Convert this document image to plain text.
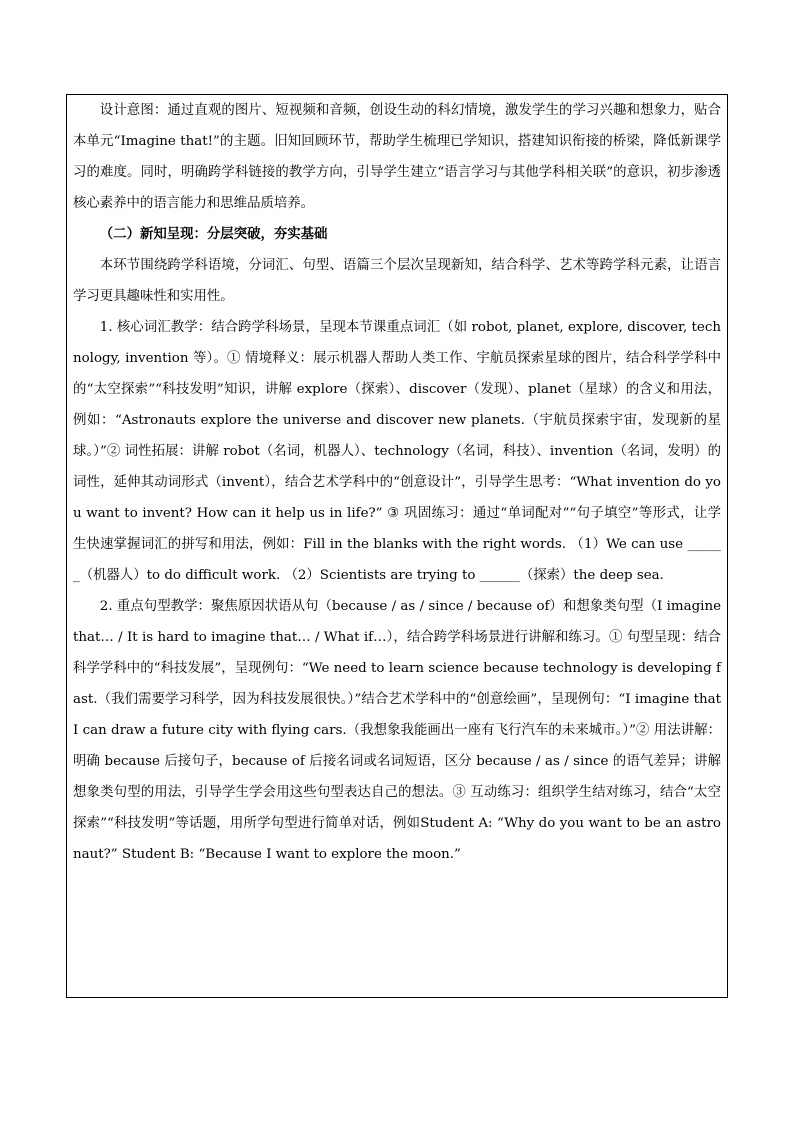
设计意图：通过直观的图片、短视频和音频，创设生动的科幻情境，激发学生的学习兴趣和想象力，贴合本单元“Imagine that!”的主题。旧知回顾环节，帮助学生梳理已学知识，搭建知识衔接的桥梁，降低新课学习的难度。同时，明确跨学科链接的教学方向，引导学生建立“语言学习与其他学科相关联”的意识，初步渗透核心素养中的语言能力和思维品质培养。

（二）新知呈现：分层突破，夯实基础

本环节围绕跨学科语境，分词汇、句型、语篇三个层次呈现新知，结合科学、艺术等跨学科元素，让语言学习更具趣味性和实用性。

1. 核心词汇教学：结合跨学科场景，呈现本节课重点词汇（如 robot, planet, explore, discover, technology, invention 等）。① 情境释义：展示机器人帮助人类工作、宇航员探索星球的图片，结合科学学科中的“太空探索”“科技发明”知识，讲解 explore（探索）、discover（发现）、planet（星球）的含义和用法，例如：“Astronauts explore the universe and discover new planets.（宇航员探索宇宙，发现新的星球。）”② 词性拓展：讲解 robot（名词，机器人）、technology（名词，科技）、invention（名词，发明）的词性，延伸其动词形式（invent），结合艺术学科中的“创意设计”，引导学生思考：“What invention do you want to invent? How can it help us in life?” ③ 巩固练习：通过“单词配对”“句子填空”等形式，让学生快速掌握词汇的拼写和用法，例如：Fill in the blanks with the right words. （1）We can use ______（机器人）to do difficult work. （2）Scientists are trying to ______（探索）the deep sea.

2. 重点句型教学：聚焦原因状语从句（because / as / since / because of）和想象类句型（I imagine that… / It is hard to imagine that… / What if…），结合跨学科场景进行讲解和练习。① 句型呈现：结合科学学科中的“科技发展”，呈现例句：“We need to learn science because technology is developing fast.（我们需要学习科学，因为科技发展很快。）”结合艺术学科中的“创意绘画”，呈现例句：“I imagine that I can draw a future city with flying cars.（我想象我能画出一座有飞行汽车的未来城市。）”② 用法讲解：明确 because 后接句子，because of 后接名词或名词短语，区分 because / as / since 的语气差异；讲解想象类句型的用法，引导学生学会用这些句型表达自己的想法。③ 互动练习：组织学生结对练习，结合“太空探索”“科技发明”等话题，用所学句型进行简单对话，例如Student A: “Why do you want to be an astronaut?” Student B: “Because I want to explore the moon.”
